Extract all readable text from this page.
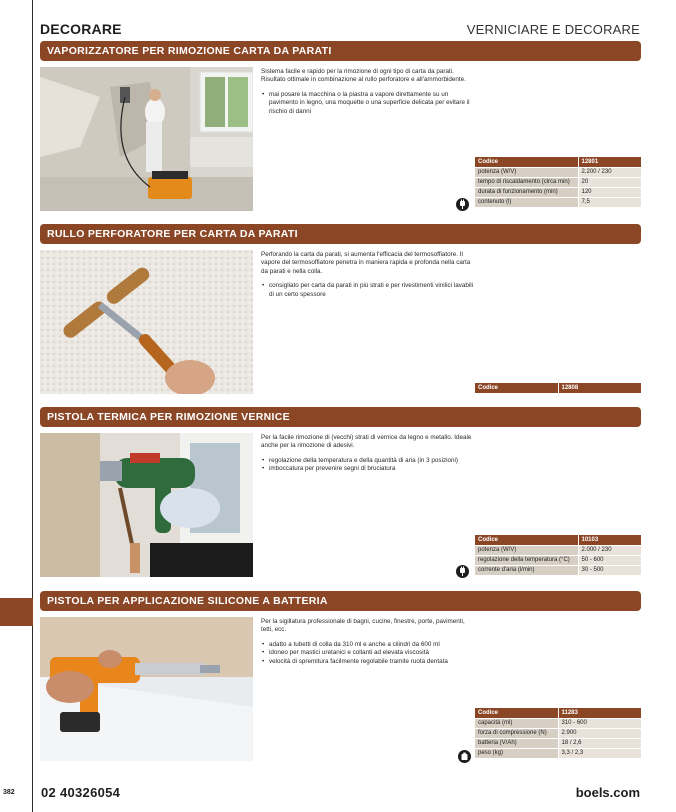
DECORARE	VERNICIARE E DECORARE
VAPORIZZATORE PER RIMOZIONE CARTA DA PARATI
Sistema facile e rapido per la rimozione di ogni tipo di carta da parati. Risultato ottimale in combinazione al rullo perforatore e all'ammorbidente.
• mai posare la macchina o la piastra a vapore direttamente su un pavimento in legno, una moquette o una superficie delicata per evitare il rischio di danni
Codice	12801
potenza (W/V)	2.200 / 230
tempo di riscaldamento (circa min)	20
durata di funzionamento (min)	120
contenuto (l)	7,5
RULLO PERFORATORE PER CARTA DA PARATI
Perforando la carta da parati, si aumenta l'efficacia del termosoffiatore. Il vapore del termosoffiatore penetra in maniera rapida e profonda nella carta da parati e nella colla.
• consigliato per carta da parati in più strati e per rivestimenti vinilici lavabili di un certo spessore
Codice	12808
PISTOLA TERMICA PER RIMOZIONE VERNICE
Per la facile rimozione di (vecchi) strati di vernice da legno e metallo. Ideale anche per la rimozione di adesivi.
• regolazione della temperatura e della quantità di aria (in 3 posizioni)
• imboccatura per prevenire segni di bruciatura
Codice	10103
potenza (W/V)	2.000 / 230
regolazione della temperatura (°C)	50 - 600
corrente d'aria (l/min)	30 - 500
PISTOLA PER APPLICAZIONE SILICONE A BATTERIA
Per la sigillatura professionale di bagni, cucine, finestre, porte, pavimenti, tetti, ecc.
• adatto a tubetti di colla da 310 ml e anche a cilindri da 600 ml
• idoneo per mastici uretanici e collanti ad elevata viscosità
• velocità di spremitura facilmente regolabile tramite ruota dentata
Codice	11283
capacità (ml)	310 - 600
forza di compressione (N)	2.900
batteria (V/Ah)	18 / 2,6
peso (kg)	3,3 / 2,3
382 02 40326054	boels.com
